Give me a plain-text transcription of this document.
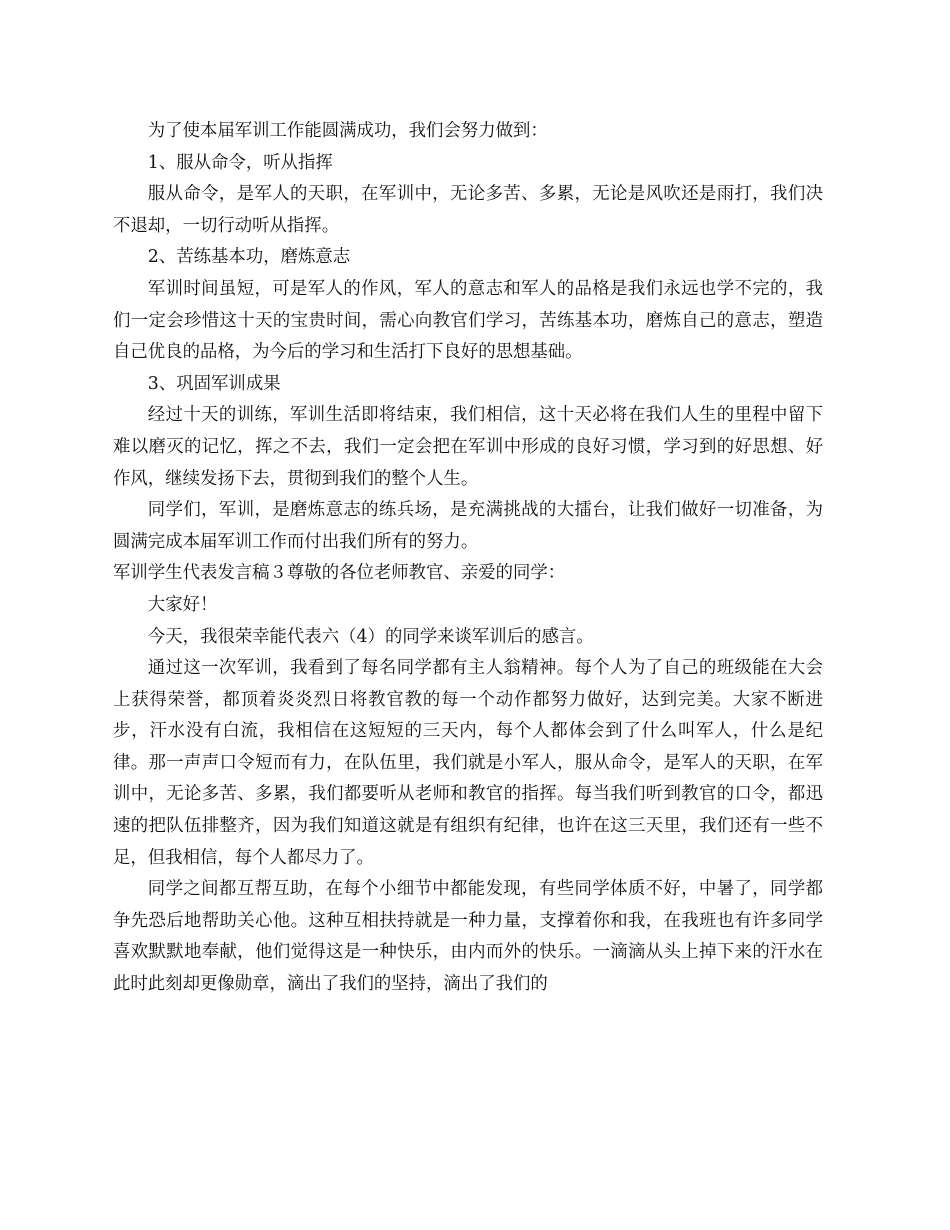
为了使本届军训工作能圆满成功，我们会努力做到：

1、服从命令，听从指挥

服从命令，是军人的天职，在军训中，无论多苦、多累，无论是风吹还是雨打，我们决不退却，一切行动听从指挥。

2、苦练基本功，磨炼意志

军训时间虽短，可是军人的作风，军人的意志和军人的品格是我们永远也学不完的，我们一定会珍惜这十天的宝贵时间，需心向教官们学习，苦练基本功，磨炼自己的意志，塑造自己优良的品格，为今后的学习和生活打下良好的思想基础。

3、巩固军训成果

经过十天的训练，军训生活即将结束，我们相信，这十天必将在我们人生的里程中留下难以磨灭的记忆，挥之不去，我们一定会把在军训中形成的良好习惯，学习到的好思想、好作风，继续发扬下去，贯彻到我们的整个人生。

同学们，军训，是磨炼意志的练兵场，是充满挑战的大擂台，让我们做好一切准备，为圆满完成本届军训工作而付出我们所有的努力。

军训学生代表发言稿３尊敬的各位老师教官、亲爱的同学：

大家好！

今天，我很荣幸能代表六（4）的同学来谈军训后的感言。

通过这一次军训，我看到了每名同学都有主人翁精神。每个人为了自己的班级能在大会上获得荣誉，都顶着炎炎烈日将教官教的每一个动作都努力做好，达到完美。大家不断进步，汗水没有白流，我相信在这短短的三天内，每个人都体会到了什么叫军人，什么是纪律。那一声声口令短而有力，在队伍里，我们就是小军人，服从命令，是军人的天职，在军训中，无论多苦、多累，我们都要听从老师和教官的指挥。每当我们听到教官的口令，都迅速的把队伍排整齐，因为我们知道这就是有组织有纪律，也许在这三天里，我们还有一些不足，但我相信，每个人都尽力了。

同学之间都互帮互助，在每个小细节中都能发现，有些同学体质不好，中暑了，同学都争先恐后地帮助关心他。这种互相扶持就是一种力量，支撑着你和我，在我班也有许多同学喜欢默默地奉献，他们觉得这是一种快乐，由内而外的快乐。一滴滴从头上掉下来的汗水在此时此刻却更像勋章，滴出了我们的坚持，滴出了我们的
